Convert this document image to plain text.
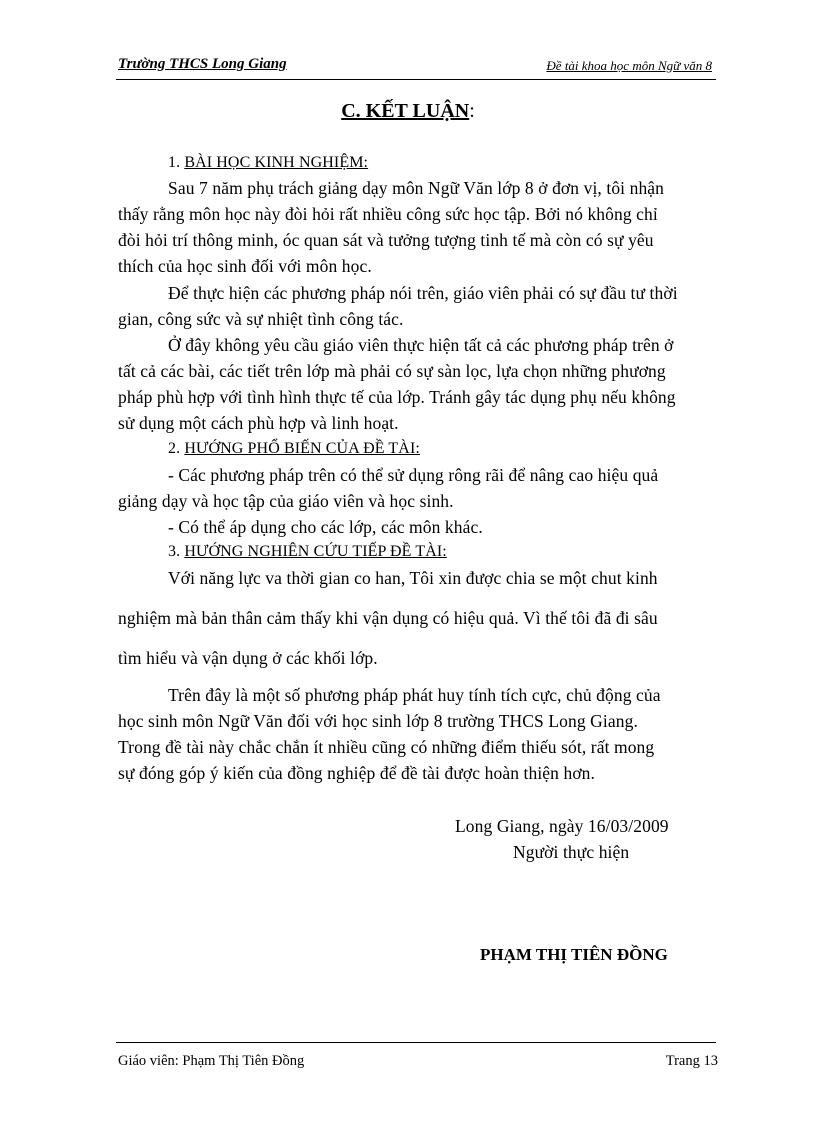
Trường THCS Long Giang	Đề tài khoa học môn Ngữ văn 8
C. KẾT LUẬN:
1. BÀI HỌC KINH NGHIỆM:
Sau 7 năm phụ trách giảng dạy môn Ngữ Văn lớp 8 ở đơn vị, tôi nhận
thấy rằng môn học này đòi hỏi rất nhiều công sức học tập. Bởi nó không chỉ
đòi hỏi trí thông minh, óc quan sát và tưởng tượng tinh tế mà còn có sự yêu
thích của học sinh đối với môn học.
Để thực hiện các phương pháp nói trên, giáo viên phải có sự đầu tư thời
gian, công sức và sự nhiệt tình công tác.
Ở đây không yêu cầu giáo viên thực hiện tất cả các phương pháp trên ở
tất cả các bài, các tiết trên lớp mà phải có sự sàn lọc, lựa chọn những phương
pháp phù hợp với tình hình thực tế của lớp. Tránh gây tác dụng phụ nếu không
sử dụng một cách phù hợp và linh hoạt.
2. HƯỚNG PHỔ BIẾN CỦA ĐỀ TÀI:
- Các phương pháp trên có thể sử dụng rông rãi để nâng cao hiệu quả
giảng dạy và học tập của giáo viên và học sinh.
- Có thể áp dụng cho các lớp, các môn khác.
3. HƯỚNG NGHIÊN CỨU TIẾP ĐỀ TÀI:
Với năng lực va thời gian co han, Tôi xin được chia se một chut kinh
nghiệm mà bản thân cảm thấy khi vận dụng có hiệu quả. Vì thế tôi đã đi sâu
tìm hiểu và vận dụng ở các khối lớp.
Trên đây là một số phương pháp phát huy tính tích cực, chủ động của
học sinh môn Ngữ Văn đối với học sinh lớp 8 trường THCS Long Giang.
Trong đề tài này chắc chắn ít nhiều cũng có những điểm thiếu sót, rất mong
sự đóng góp ý kiến của đồng nghiệp để đề tài được hoàn thiện hơn.
Long Giang, ngày 16/03/2009
Người thực hiện
PHẠM THỊ TIÊN ĐỒNG
Giáo viên: Phạm Thị Tiên Đồng	Trang 13
